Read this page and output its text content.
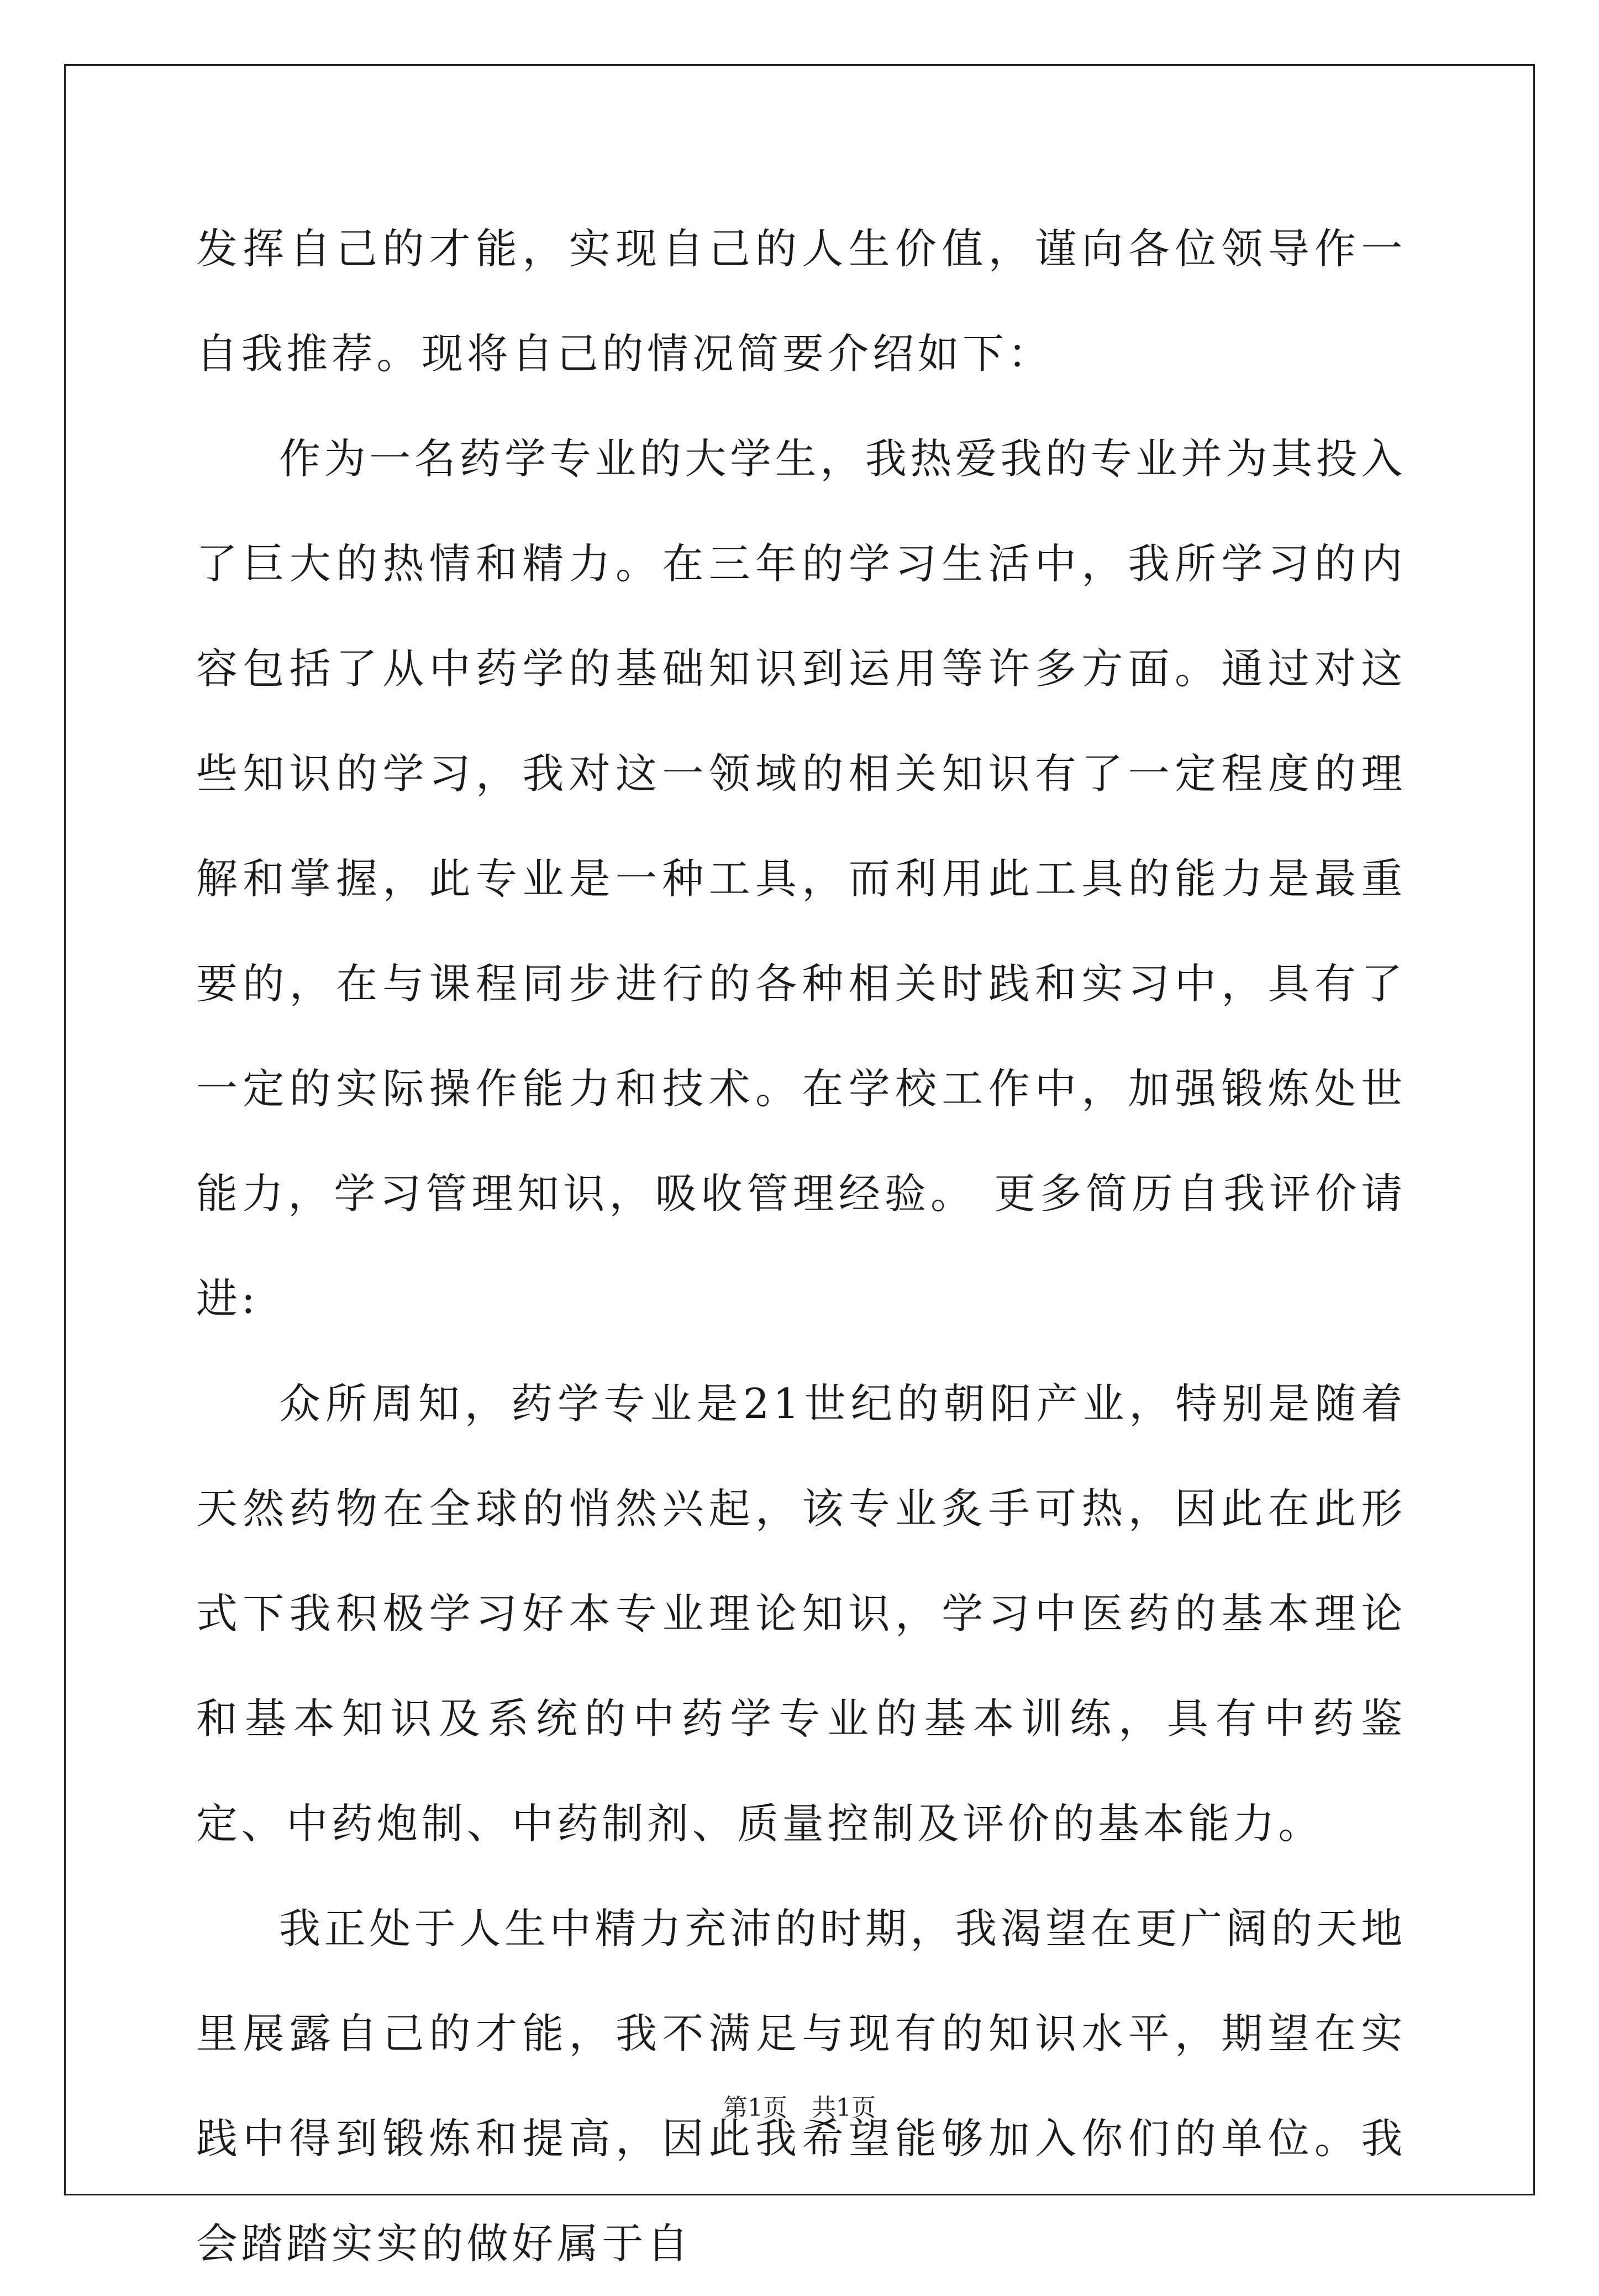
发挥自己的才能，实现自己的人生价值，谨向各位领导作一自我推荐。现将自己的情况简要介绍如下：

作为一名药学专业的大学生，我热爱我的专业并为其投入了巨大的热情和精力。在三年的学习生活中，我所学习的内容包括了从中药学的基础知识到运用等许多方面。通过对这些知识的学习，我对这一领域的相关知识有了一定程度的理解和掌握，此专业是一种工具，而利用此工具的能力是最重要的，在与课程同步进行的各种相关时践和实习中，具有了一定的实际操作能力和技术。在学校工作中，加强锻炼处世能力，学习管理知识，吸收管理经验。 更多简历自我评价请进:

众所周知，药学专业是21世纪的朝阳产业，特别是随着天然药物在全球的悄然兴起，该专业炙手可热，因此在此形式下我积极学习好本专业理论知识，学习中医药的基本理论和基本知识及系统的中药学专业的基本训练，具有中药鉴定、中药炮制、中药制剂、质量控制及评价的基本能力。

我正处于人生中精力充沛的时期，我渴望在更广阔的天地里展露自己的才能，我不满足与现有的知识水平，期望在实践中得到锻炼和提高，因此我希望能够加入你们的单位。我会踏踏实实的做好属于自

第1页　共1页
